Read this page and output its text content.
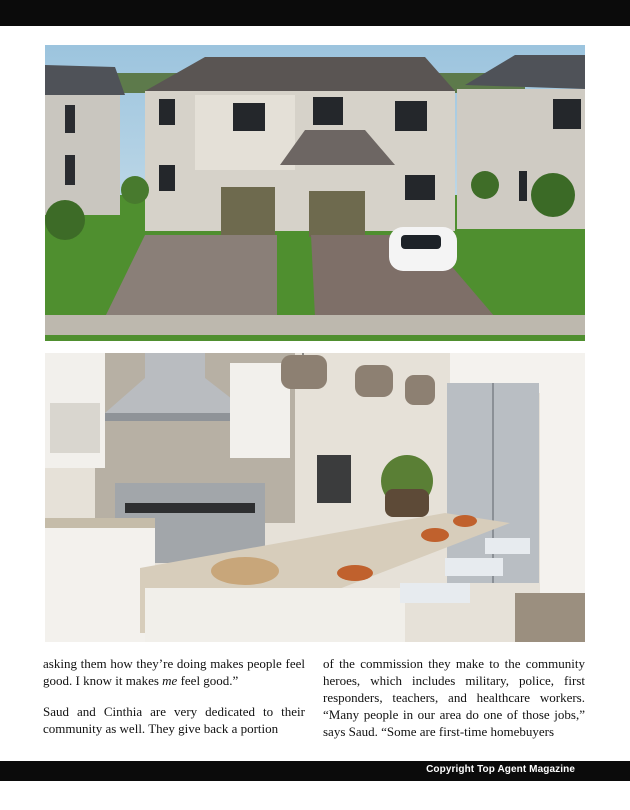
asking them how they’re doing makes people feel good. I know it makes me feel good.”

Saud and Cinthia are very dedicated to their community as well. They give back a portion

of the commission they make to the community heroes, which includes military, police, first responders, teachers, and healthcare workers. “Many people in our area do one of those jobs,” says Saud. “Some are first-time homebuyers

Copyright Top Agent Magazine
